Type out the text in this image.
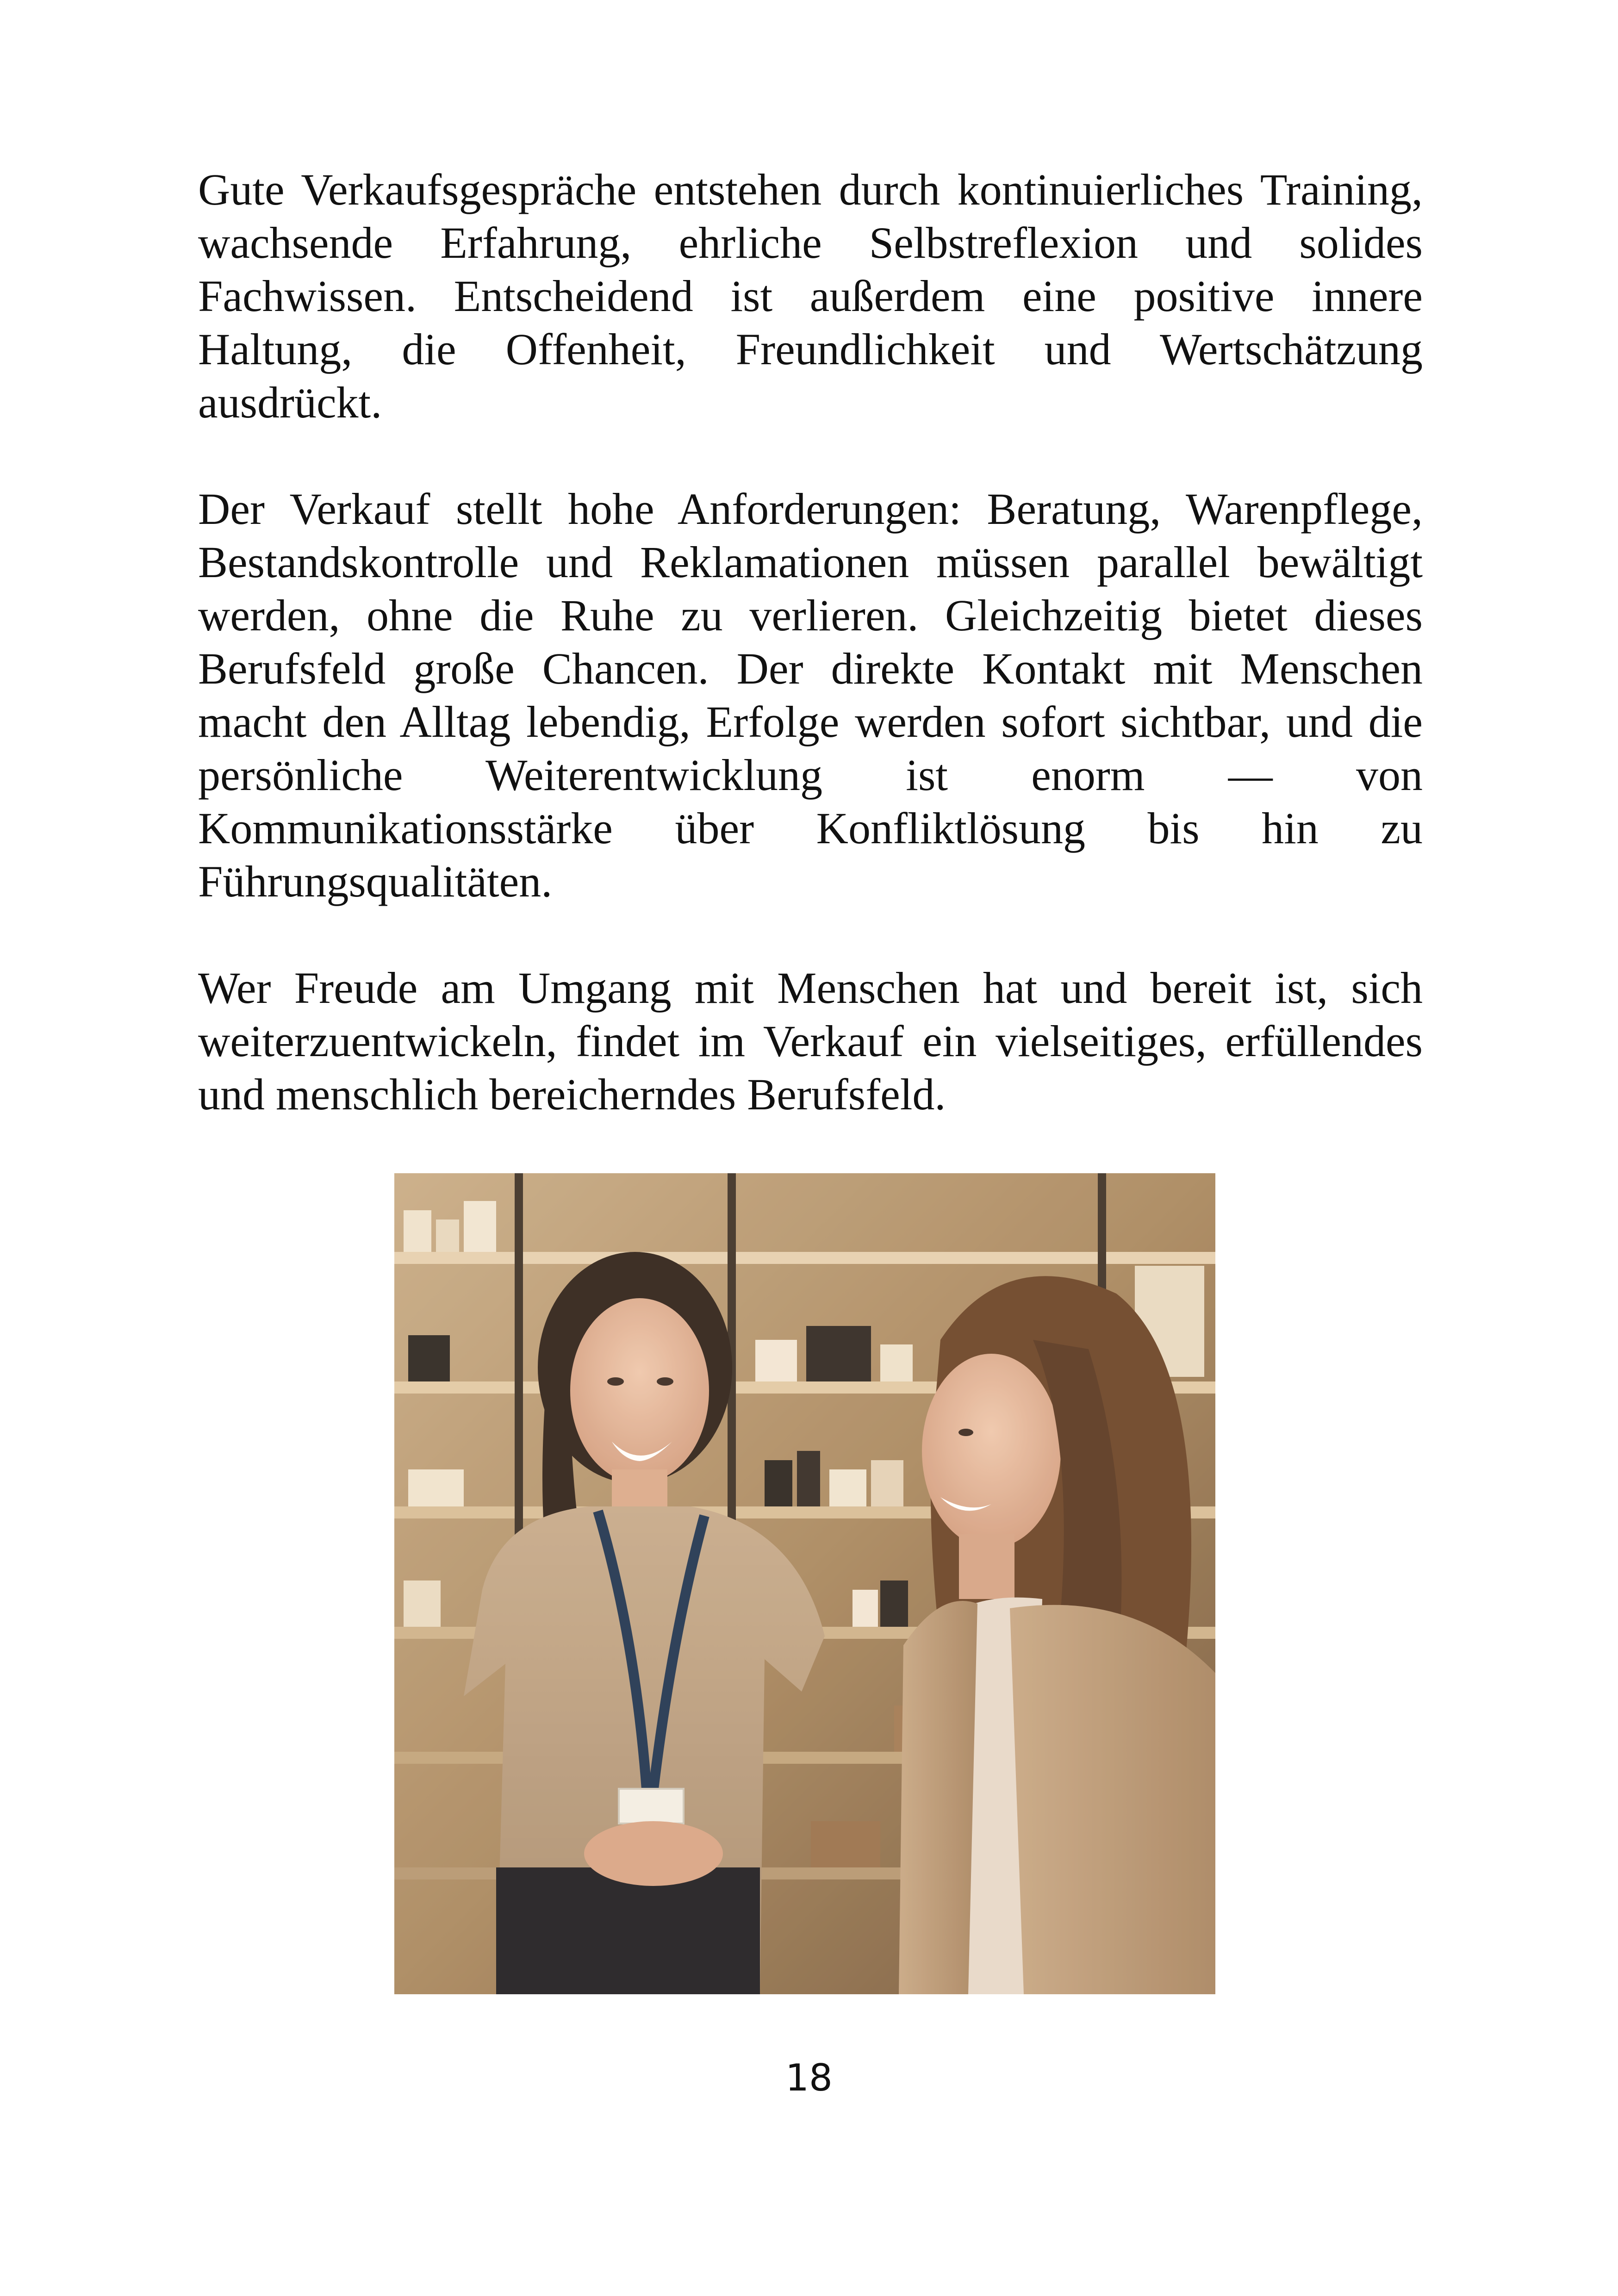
Gute Verkaufsgespräche entstehen durch kontinuierliches Training, wachsende Erfahrung, ehrliche Selbstreflexion und solides Fachwissen. Entscheidend ist außerdem eine positive innere Haltung, die Offenheit, Freundlichkeit und Wertschätzung ausdrückt.

Der Verkauf stellt hohe Anforderungen: Beratung, Warenpflege, Bestandskontrolle und Reklamationen müssen parallel bewältigt werden, ohne die Ruhe zu verlieren. Gleichzeitig bietet dieses Berufsfeld große Chancen. Der direkte Kontakt mit Menschen macht den Alltag lebendig, Erfolge werden sofort sichtbar, und die persönliche Weiterentwicklung ist enorm — von Kommunikationsstärke über Konfliktlösung bis hin zu Führungsqualitäten.

Wer Freude am Umgang mit Menschen hat und bereit ist, sich weiterzuentwickeln, findet im Verkauf ein vielseitiges, erfüllendes und menschlich bereicherndes Berufsfeld.

18
